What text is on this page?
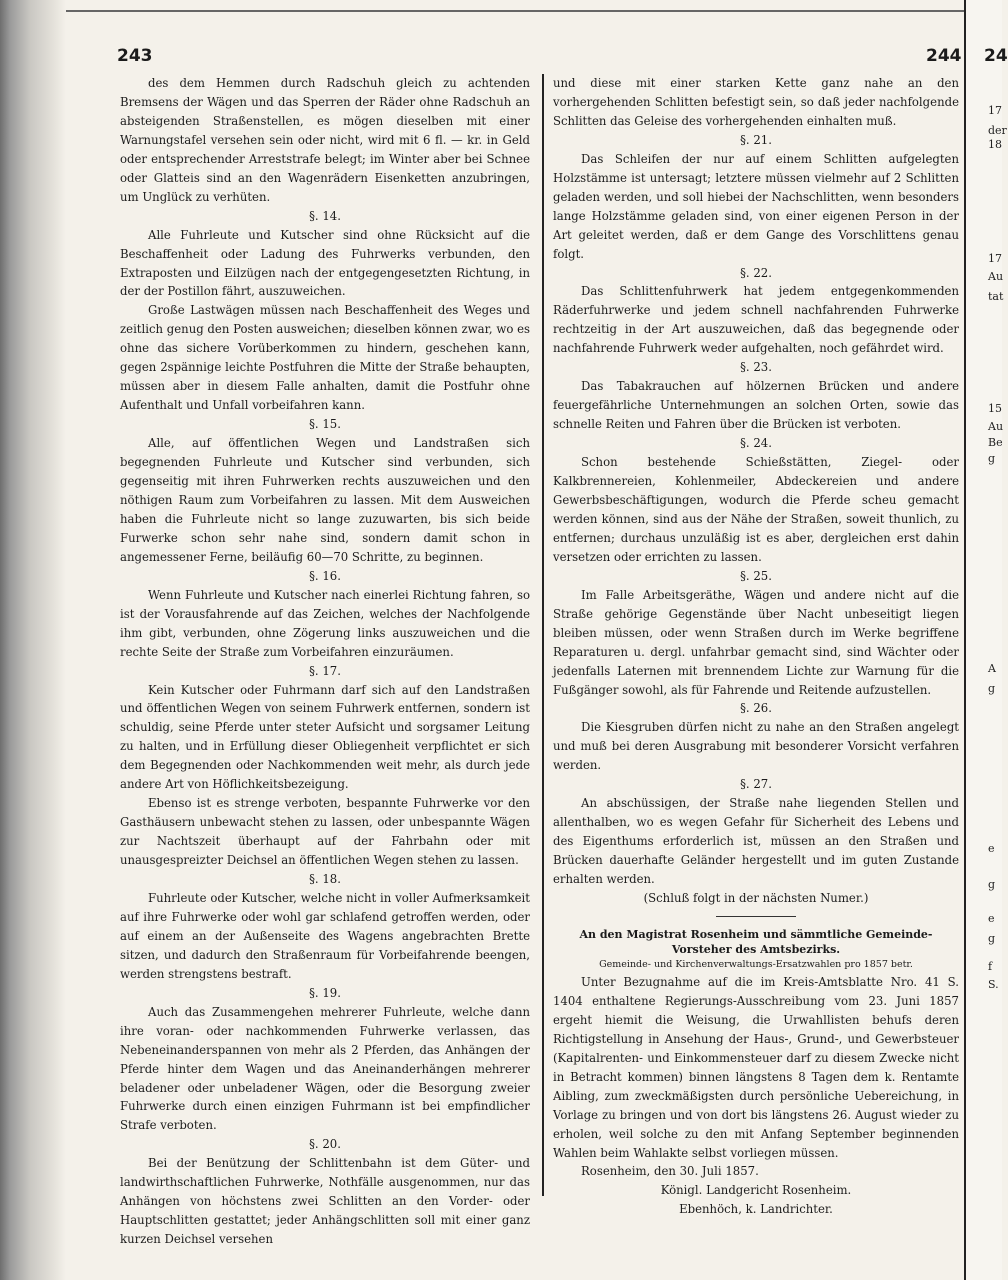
243	244 24

des dem Hemmen durch Radschuh gleich zu achtenden Bremsens der Wägen und das Sperren der Räder ohne Radschuh an absteigenden Straßenstellen, es mögen dieselben mit einer Warnungstafel versehen sein oder nicht, wird mit 6 fl. — kr. in Geld oder entsprechender Arreststrafe belegt; im Winter aber bei Schnee oder Glatteis sind an den Wagenrädern Eisenketten anzubringen, um Unglück zu verhüten.

§. 14.

Alle Fuhrleute und Kutscher sind ohne Rücksicht auf die Beschaffenheit oder Ladung des Fuhrwerks verbunden, den Extraposten und Eilzügen nach der entgegengesetzten Richtung, in der der Postillon fährt, auszuweichen.

Große Lastwägen müssen nach Beschaffenheit des Weges und zeitlich genug den Posten ausweichen; dieselben können zwar, wo es ohne das sichere Vorüberkommen zu hindern, geschehen kann, gegen 2spännige leichte Postfuhren die Mitte der Straße behaupten, müssen aber in diesem Falle anhalten, damit die Postfuhr ohne Aufenthalt und Unfall vorbeifahren kann.

§. 15.

Alle, auf öffentlichen Wegen und Landstraßen sich begegnenden Fuhrleute und Kutscher sind verbunden, sich gegenseitig mit ihren Fuhrwerken rechts auszuweichen und den nöthigen Raum zum Vorbeifahren zu lassen. Mit dem Ausweichen haben die Fuhrleute nicht so lange zuzuwarten, bis sich beide Furwerke schon sehr nahe sind, sondern damit schon in angemessener Ferne, beiläufig 60—70 Schritte, zu beginnen.

§. 16.

Wenn Fuhrleute und Kutscher nach einerlei Richtung fahren, so ist der Vorausfahrende auf das Zeichen, welches der Nachfolgende ihm gibt, verbunden, ohne Zögerung links auszuweichen und die rechte Seite der Straße zum Vorbeifahren einzuräumen.

§. 17.

Kein Kutscher oder Fuhrmann darf sich auf den Landstraßen und öffentlichen Wegen von seinem Fuhrwerk entfernen, sondern ist schuldig, seine Pferde unter steter Aufsicht und sorgsamer Leitung zu halten, und in Erfüllung dieser Obliegenheit verpflichtet er sich dem Begegnenden oder Nachkommenden weit mehr, als durch jede andere Art von Höflichkeitsbezeigung.

Ebenso ist es strenge verboten, bespannte Fuhrwerke vor den Gasthäusern unbewacht stehen zu lassen, oder unbespannte Wägen zur Nachtszeit überhaupt auf der Fahrbahn oder mit unausgespreizter Deichsel an öffentlichen Wegen stehen zu lassen.

§. 18.

Fuhrleute oder Kutscher, welche nicht in voller Aufmerksamkeit auf ihre Fuhrwerke oder wohl gar schlafend getroffen werden, oder auf einem an der Außenseite des Wagens angebrachten Brette sitzen, und dadurch den Straßenraum für Vorbeifahrende beengen, werden strengstens bestraft.

§. 19.

Auch das Zusammengehen mehrerer Fuhrleute, welche dann ihre voran- oder nachkommenden Fuhrwerke verlassen, das Nebeneinanderspannen von mehr als 2 Pferden, das Anhängen der Pferde hinter dem Wagen und das Aneinanderhängen mehrerer beladener oder unbeladener Wägen, oder die Besorgung zweier Fuhrwerke durch einen einzigen Fuhrmann ist bei empfindlicher Strafe verboten.

§. 20.

Bei der Benützung der Schlittenbahn ist dem Güter- und landwirthschaftlichen Fuhrwerke, Nothfälle ausgenommen, nur das Anhängen von höchstens zwei Schlitten an den Vorder- oder Hauptschlitten gestattet; jeder Anhängschlitten soll mit einer ganz kurzen Deichsel versehen

und diese mit einer starken Kette ganz nahe an den vorhergehenden Schlitten befestigt sein, so daß jeder nachfolgende Schlitten das Geleise des vorhergehenden einhalten muß.

§. 21.

Das Schleifen der nur auf einem Schlitten aufgelegten Holzstämme ist untersagt; letztere müssen vielmehr auf 2 Schlitten geladen werden, und soll hiebei der Nachschlitten, wenn besonders lange Holzstämme geladen sind, von einer eigenen Person in der Art geleitet werden, daß er dem Gange des Vorschlittens genau folgt.

§. 22.

Das Schlittenfuhrwerk hat jedem entgegenkommenden Räderfuhrwerke und jedem schnell nachfahrenden Fuhrwerke rechtzeitig in der Art auszuweichen, daß das begegnende oder nachfahrende Fuhrwerk weder aufgehalten, noch gefährdet wird.

§. 23.

Das Tabakrauchen auf hölzernen Brücken und andere feuergefährliche Unternehmungen an solchen Orten, sowie das schnelle Reiten und Fahren über die Brücken ist verboten.

§. 24.

Schon bestehende Schießstätten, Ziegel- oder Kalkbrennereien, Kohlenmeiler, Abdeckereien und andere Gewerbsbeschäftigungen, wodurch die Pferde scheu gemacht werden können, sind aus der Nähe der Straßen, soweit thunlich, zu entfernen; durchaus unzuläßig ist es aber, dergleichen erst dahin versetzen oder errichten zu lassen.

§. 25.

Im Falle Arbeitsgeräthe, Wägen und andere nicht auf die Straße gehörige Gegenstände über Nacht unbeseitigt liegen bleiben müssen, oder wenn Straßen durch im Werke begriffene Reparaturen u. dergl. unfahrbar gemacht sind, sind Wächter oder jedenfalls Laternen mit brennendem Lichte zur Warnung für die Fußgänger sowohl, als für Fahrende und Reitende aufzustellen.

§. 26.

Die Kiesgruben dürfen nicht zu nahe an den Straßen angelegt und muß bei deren Ausgrabung mit besonderer Vorsicht verfahren werden.

§. 27.

An abschüssigen, der Straße nahe liegenden Stellen und allenthalben, wo es wegen Gefahr für Sicherheit des Lebens und des Eigenthums erforderlich ist, müssen an den Straßen und Brücken dauerhafte Geländer hergestellt und im guten Zustande erhalten werden.

(Schluß folgt in der nächsten Numer.)

An den Magistrat Rosenheim und sämmtliche Gemeinde-Vorsteher des Amtsbezirks.

Gemeinde- und Kirchenverwaltungs-Ersatzwahlen pro 1857 betr.

Unter Bezugnahme auf die im Kreis-Amtsblatte Nro. 41 S. 1404 enthaltene Regierungs-Ausschreibung vom 23. Juni 1857 ergeht hiemit die Weisung, die Urwahllisten behufs deren Richtigstellung in Ansehung der Haus-, Grund-, und Gewerbsteuer (Kapitalrenten- und Einkommensteuer darf zu diesem Zwecke nicht in Betracht kommen) binnen längstens 8 Tagen dem k. Rentamte Aibling, zum zweckmäßigsten durch persönliche Uebereichung, in Vorlage zu bringen und von dort bis längstens 26. August wieder zu erholen, weil solche zu den mit Anfang September beginnenden Wahlen beim Wahlakte selbst vorliegen müssen.

Rosenheim, den 30. Juli 1857.

Königl. Landgericht Rosenheim.

Ebenhöch, k. Landrichter.

17
der
18
17
Au
tat
15
Au
Be
g
A
g
e
g
e
g
f
S.
